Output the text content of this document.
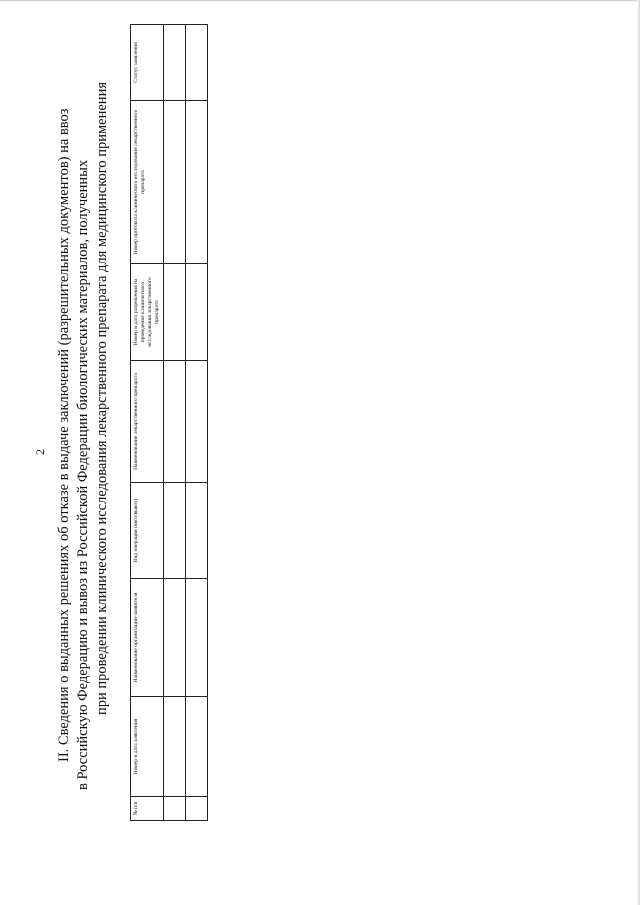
2 II. Сведения о выданных решениях об отказе в выдаче заключений (разрешительных документов) на ввоз в Российскую Федерацию и вывоз из Российской Федерации биологических материалов, полученных при проведении клинического исследования лекарственного препарата для медицинского применения

№ п/п	Номер и дата заявления	Наименование организации-заявителя	Вид операции (ввоз/вывоз)	Наименование лекарственного препарата	Номер и дата разрешения на проведение клинического исследования лекарственного препарата	Номер протокола клинического исследования лекарственного препарата	Статус заявления
